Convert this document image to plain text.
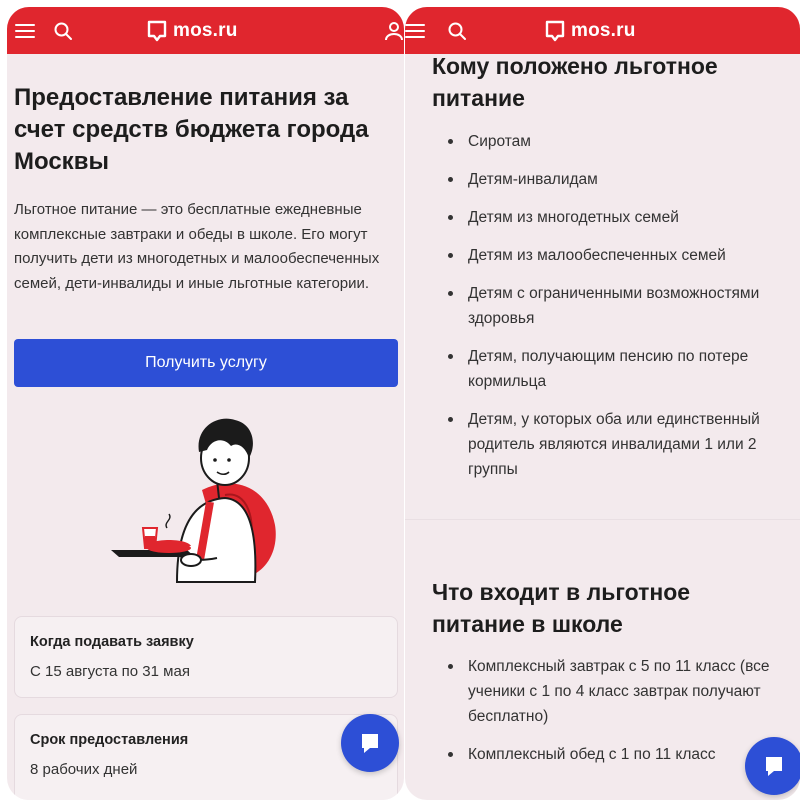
mos.ru
Предоставление питания за счет средств бюджета города Москвы

Льготное питание — это бесплатные ежедневные комплексные завтраки и обеды в школе. Его могут получить дети из многодетных и малообеспеченных семей, дети-инвалиды и иные льготные категории.

Получить услугу
Когда подавать заявку
С 15 августа по 31 мая
Срок предоставления
8 рабочих дней
mos.ru
Кому положено льготное питание
Сиротам
Детям-инвалидам
Детям из многодетных семей
Детям из малообеспеченных семей
Детям с ограниченными возможностями здоровья
Детям, получающим пенсию по потере кормильца
Детям, у которых оба или единственный родитель являются инвалидами 1 или 2 группы
Что входит в льготное питание в школе
Комплексный завтрак с 5 по 11 класс (все ученики с 1 по 4 класс завтрак получают бесплатно)
Комплексный обед с 1 по 11 класс
